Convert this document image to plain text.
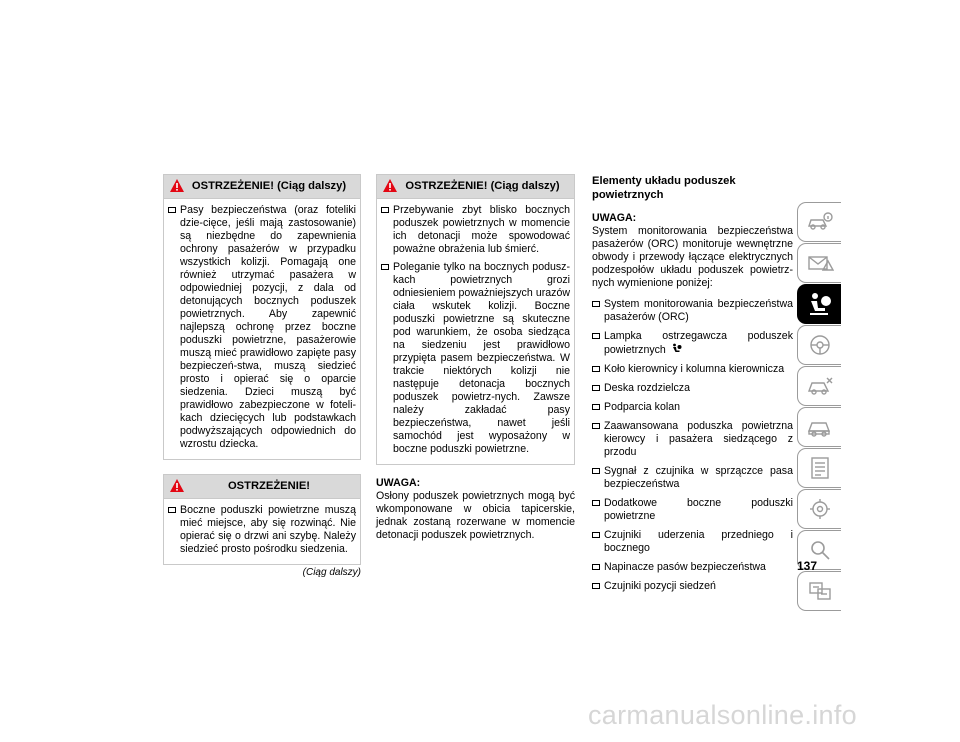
OSTRZEŻENIE! (Ciąg dalszy)
Pasy bezpieczeństwa (oraz foteliki dzie-cięce, jeśli mają zastosowanie) są niezbędne do zapewnienia ochrony pasażerów w przypadku wszystkich kolizji. Pomagają one również utrzymać pasażera w odpowiedniej pozycji, z dala od detonujących bocznych poduszek powietrznych. Aby zapewnić najlepszą ochronę przez boczne poduszki powietrzne, pasażerowie muszą mieć prawidłowo zapięte pasy bezpieczeń-stwa, muszą siedzieć prosto i opierać się o oparcie siedzenia. Dzieci muszą być prawidłowo zabezpieczone w foteli-kach dziecięcych lub podstawkach podwyższających odpowiednich do wzrostu dziecka.
OSTRZEŻENIE!
Boczne poduszki powietrzne muszą mieć miejsce, aby się rozwinąć. Nie opierać się o drzwi ani szybę. Należy siedzieć prosto pośrodku siedzenia.
(Ciąg dalszy)
OSTRZEŻENIE! (Ciąg dalszy)
Przebywanie zbyt blisko bocznych poduszek powietrznych w momencie ich detonacji może spowodować poważne obrażenia lub śmierć.
Poleganie tylko na bocznych podusz-kach powietrznych grozi odniesieniem poważniejszych urazów ciała wskutek kolizji. Boczne poduszki powietrzne są skuteczne pod warunkiem, że osoba siedząca na siedzeniu jest prawidłowo przypięta pasem bezpieczeństwa. W trakcie niektórych kolizji nie następuje detonacja bocznych poduszek powietrz-nych. Zawsze należy zakładać pasy bezpieczeństwa, nawet jeśli samochód jest wyposażony w boczne poduszki powietrzne.
UWAGA:
Osłony poduszek powietrznych mogą być wkomponowane w obicia tapicerskie, jednak zostaną rozerwane w momencie detonacji poduszek powietrznych.
Elementy układu poduszek
powietrznych
UWAGA:
System monitorowania bezpieczeństwa pasażerów (ORC) monitoruje wewnętrzne obwody i przewody łączące elektrycznych podzespołów układu poduszek powietrz-nych wymienione poniżej:
System monitorowania bezpieczeństwa pasażerów (ORC)
Lampka ostrzegawcza poduszek powietrznych
Koło kierownicy i kolumna kierownicza
Deska rozdzielcza
Podparcia kolan
Zaawansowana poduszka powietrzna kierowcy i pasażera siedzącego z przodu
Sygnał z czujnika w sprzączce pasa bezpieczeństwa
Dodatkowe boczne poduszki powietrzne
Czujniki uderzenia przedniego i bocznego
Napinacze pasów bezpieczeństwa
Czujniki pozycji siedzeń
137
carmanualsonline.info
